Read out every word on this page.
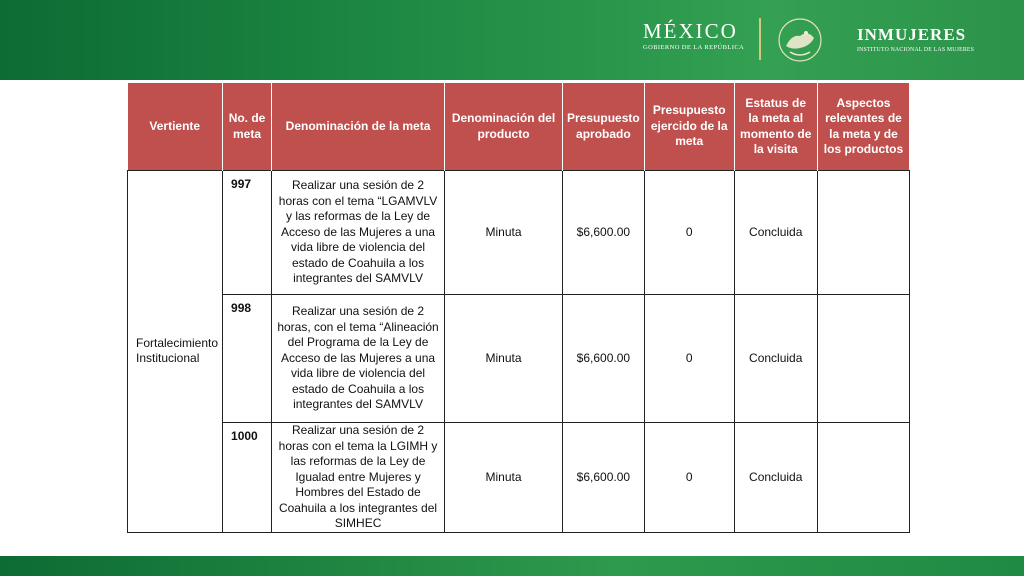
MÉXICO
GOBIERNO DE LA REPÚBLICA
INMUJERES
INSTITUTO NACIONAL DE LAS MUJERES
Vertiente	No. de meta	Denominación de la meta	Denominación del producto	Presupuesto aprobado	Presupuesto ejercido de la meta	Estatus de la meta al momento de la visita	Aspectos relevantes de la meta y de los productos
Fortalecimiento Institucional	997	Realizar una sesión de 2 horas con el tema “LGAMVLV y las reformas de la Ley de Acceso de las Mujeres a una vida libre de violencia del estado de Coahuila a los integrantes del SAMVLV	Minuta	$6,600.00	0	Concluida	
	998	Realizar una sesión de 2 horas, con el tema “Alineación del Programa de la Ley de Acceso de las Mujeres a una vida libre de violencia del estado de Coahuila a los integrantes del SAMVLV	Minuta	$6,600.00	0	Concluida	
	1000	Realizar una sesión de 2 horas con el tema la LGIMH y las reformas de la Ley de Igualad entre Mujeres y Hombres del Estado de Coahuila a los integrantes del SIMHEC	Minuta	$6,600.00	0	Concluida	
